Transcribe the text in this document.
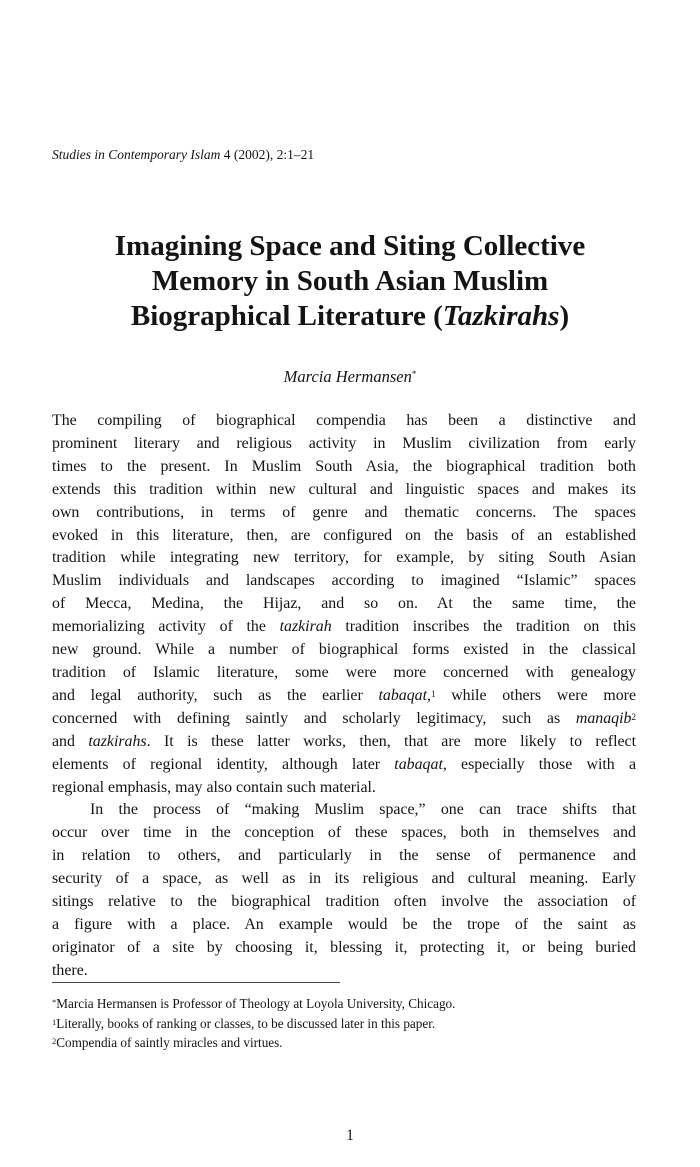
Studies in Contemporary Islam 4 (2002), 2:1–21
Imagining Space and Siting Collective
Memory in South Asian Muslim
Biographical Literature (Tazkirahs)
Marcia Hermansen*

The compiling of biographical compendia has been a distinctive and
prominent literary and religious activity in Muslim civilization from early
times to the present. In Muslim South Asia, the biographical tradition both
extends this tradition within new cultural and linguistic spaces and makes its
own contributions, in terms of genre and thematic concerns. The spaces
evoked in this literature, then, are configured on the basis of an established
tradition while integrating new territory, for example, by siting South Asian
Muslim individuals and landscapes according to imagined “Islamic” spaces
of Mecca, Medina, the Hijaz, and so on. At the same time, the
memorializing activity of the tazkirah tradition inscribes the tradition on this
new ground. While a number of biographical forms existed in the classical
tradition of Islamic literature, some were more concerned with genealogy
and legal authority, such as the earlier tabaqat,$^1$ while others were more
concerned with defining saintly and scholarly legitimacy, such as manaqib$^2$
and tazkirahs. It is these latter works, then, that are more likely to reflect
elements of regional identity, although later tabaqat, especially those with a
regional emphasis, may also contain such material.

In the process of “making Muslim space,” one can trace shifts that
occur over time in the conception of these spaces, both in themselves and
in relation to others, and particularly in the sense of permanence and
security of a space, as well as in its religious and cultural meaning. Early
sitings relative to the biographical tradition often involve the association of
a figure with a place. An example would be the trope of the saint as
originator of a site by choosing it, blessing it, protecting it, or being buried
there.

*Marcia Hermansen is Professor of Theology at Loyola University, Chicago.
$^1$Literally, books of ranking or classes, to be discussed later in this paper.
$^2$Compendia of saintly miracles and virtues.
1
